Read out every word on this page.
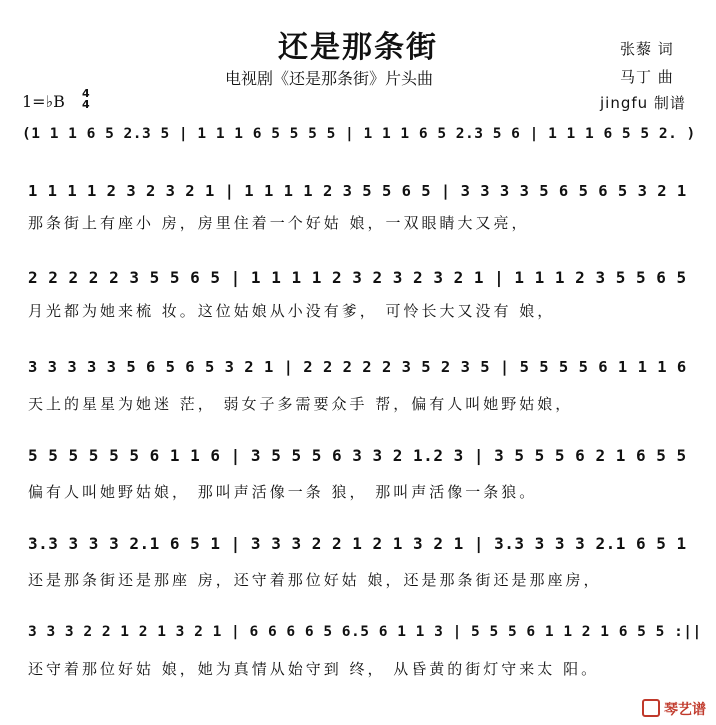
还是那条街
电视剧《还是那条街》片头曲
张藜 词
马丁 曲
jingfu 制谱
1=♭B 4
4
(1 1 1 6 5 2.3 5 | 1 1 1 6 5 5 5 5 | 1 1 1 6 5 2.3 5 6 | 1 1 1 6 5 5 2. )
1 1 1 1 2 3 2 3 2 1 | 1 1 1 1 2 3 5 5 6 5 | 3 3 3 3 5 6 5 6 5 3 2 1
那条街上有座小 房，房里住着一个好姑 娘，一双眼睛大又亮，
2 2 2 2 2 3 5 5 6 5 | 1 1 1 1 2 3 2 3 2 3 2 1 | 1 1 1 2 3 5 5 6 5
月光都为她来梳 妆。这位姑娘从小没有爹， 可怜长大又没有 娘，
3 3 3 3 3 5 6 5 6 5 3 2 1 | 2 2 2 2 2 3 5 2 3 5 | 5 5 5 5 6 1 1 1 6
天上的星星为她迷 茫， 弱女子多需要众手 帮，偏有人叫她野姑娘，
5 5 5 5 5 5 6 1 1 6 | 3 5 5 5 6 3 3 2 1.2 3 | 3 5 5 5 6 2 1 6 5 5
偏有人叫她野姑娘， 那叫声活像一条 狼， 那叫声活像一条狼。
3.3 3 3 3 2.1 6 5 1 | 3 3 3 2 2 1 2 1 3 2 1 | 3.3 3 3 3 2.1 6 5 1
还是那条街还是那座 房，还守着那位好姑 娘，还是那条街还是那座房，
3 3 3 2 2 1 2 1 3 2 1 | 6 6 6 6 5 6.5 6 1 1 3 | 5 5 5 6 1 1 2 1 6 5 5 :||
还守着那位好姑 娘，她为真情从始守到 终， 从昏黄的街灯守来太 阳。
琴艺谱
